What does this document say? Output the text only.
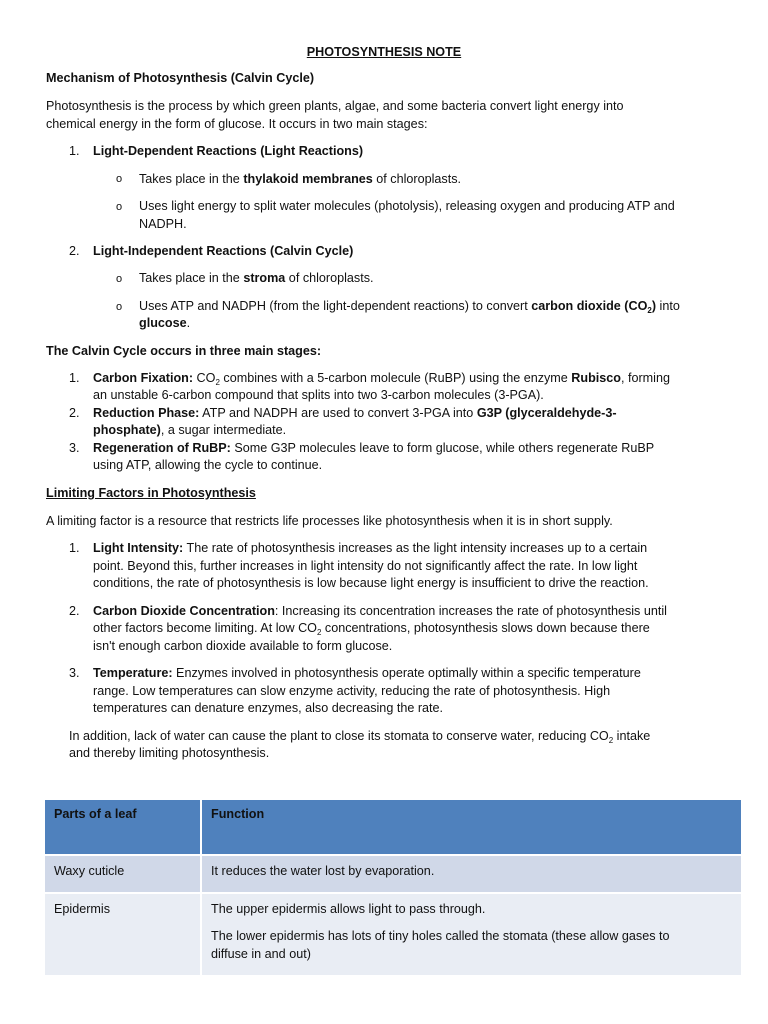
PHOTOSYNTHESIS NOTE
Mechanism of Photosynthesis (Calvin Cycle)
Photosynthesis is the process by which green plants, algae, and some bacteria convert light energy into
chemical energy in the form of glucose. It occurs in two main stages:
1. Light-Dependent Reactions (Light Reactions)
o Takes place in the thylakoid membranes of chloroplasts.
o Uses light energy to split water molecules (photolysis), releasing oxygen and producing ATP and
NADPH.
2. Light-Independent Reactions (Calvin Cycle)
o Takes place in the stroma of chloroplasts.
o Uses ATP and NADPH (from the light-dependent reactions) to convert carbon dioxide $(CO_2)$ into
glucose.
The Calvin Cycle occurs in three main stages:
1. Carbon Fixation: $CO_2$ combines with a 5-carbon molecule (RuBP) using the enzyme Rubisco, forming
an unstable 6-carbon compound that splits into two 3-carbon molecules (3-PGA).
2. Reduction Phase: ATP and NADPH are used to convert 3-PGA into G3P (glyceraldehyde-3-
phosphate), a sugar intermediate.
3. Regeneration of RuBP: Some G3P molecules leave to form glucose, while others regenerate RuBP
using ATP, allowing the cycle to continue.
Limiting Factors in Photosynthesis
A limiting factor is a resource that restricts life processes like photosynthesis when it is in short supply.
1. Light Intensity: The rate of photosynthesis increases as the light intensity increases up to a certain
point. Beyond this, further increases in light intensity do not significantly affect the rate. In low light
conditions, the rate of photosynthesis is low because light energy is insufficient to drive the reaction.
2. Carbon Dioxide Concentration: Increasing its concentration increases the rate of photosynthesis until
other factors become limiting. At low $CO_2$ concentrations, photosynthesis slows down because there
isn't enough carbon dioxide available to form glucose.
3. Temperature: Enzymes involved in photosynthesis operate optimally within a specific temperature
range. Low temperatures can slow enzyme activity, reducing the rate of photosynthesis. High
temperatures can denature enzymes, also decreasing the rate.
In addition, lack of water can cause the plant to close its stomata to conserve water, reducing $CO_2$ intake
and thereby limiting photosynthesis.
Parts of a leaf	Function
Waxy cuticle	It reduces the water lost by evaporation.
Epidermis	The upper epidermis allows light to pass through.
The lower epidermis has lots of tiny holes called the stomata (these allow gases to
diffuse in and out)
